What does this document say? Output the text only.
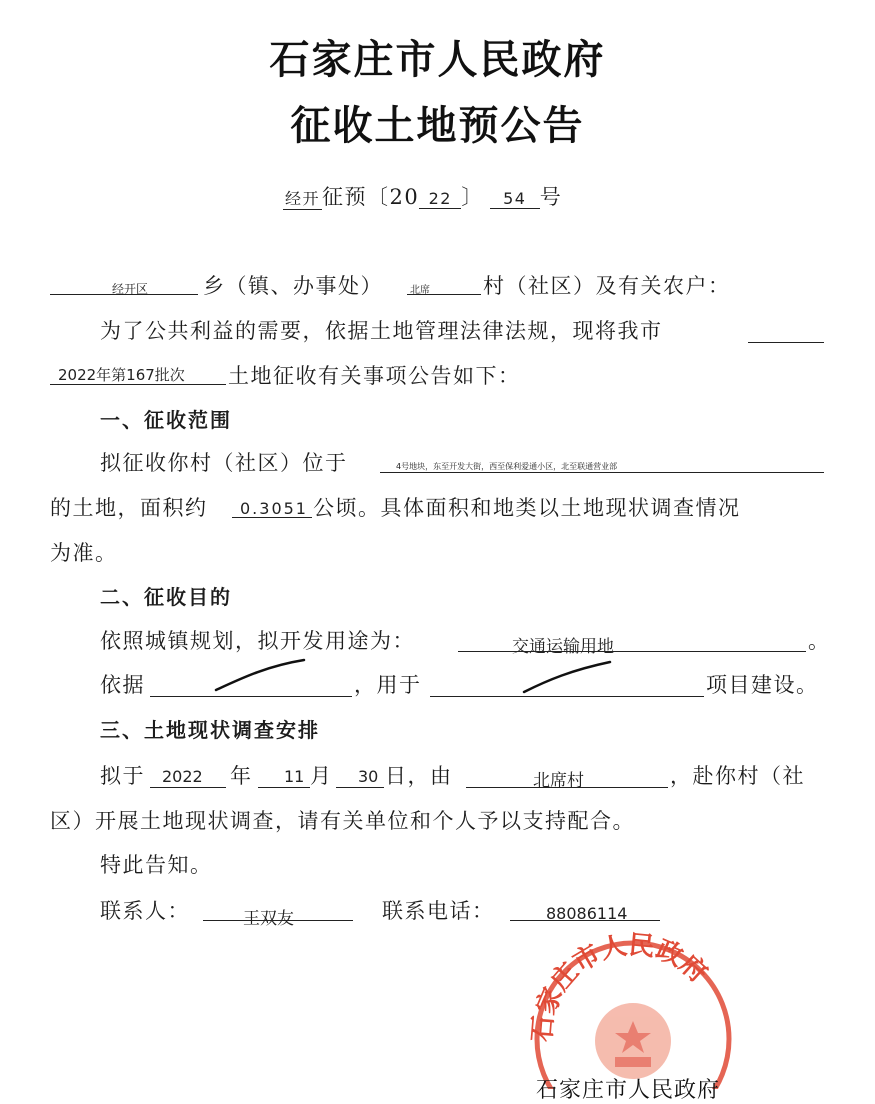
石家庄市人民政府
征收土地预公告
经开征预〔20 22 〕 54 号
经开区	乡（镇、办事处）	北席	村（社区）及有关农户：
为了公共利益的需要，依据土地管理法律法规，现将我市
2022年第167批次 土地征收有关事项公告如下：
一、征收范围
拟征收你村（社区）位于	4号地块，东至开发大街，西至保利爱通小区，北至联通营业部
的土地，面积约 0.3051 公顷。具体面积和地类以土地现状调查情况
为准。
二、征收目的
依照城镇规划，拟开发用途为：	交通运输用地	。
依据	，用于	项目建设。
三、土地现状调查安排
拟于 2022 年 11 月 30 日，由	北席村	，赴你村（社
区）开展土地现状调查，请有关单位和个人予以支持配合。
特此告知。
联系人：	王双友	联系电话：	88086114
石家庄市人民政府
石家庄市人民政府
